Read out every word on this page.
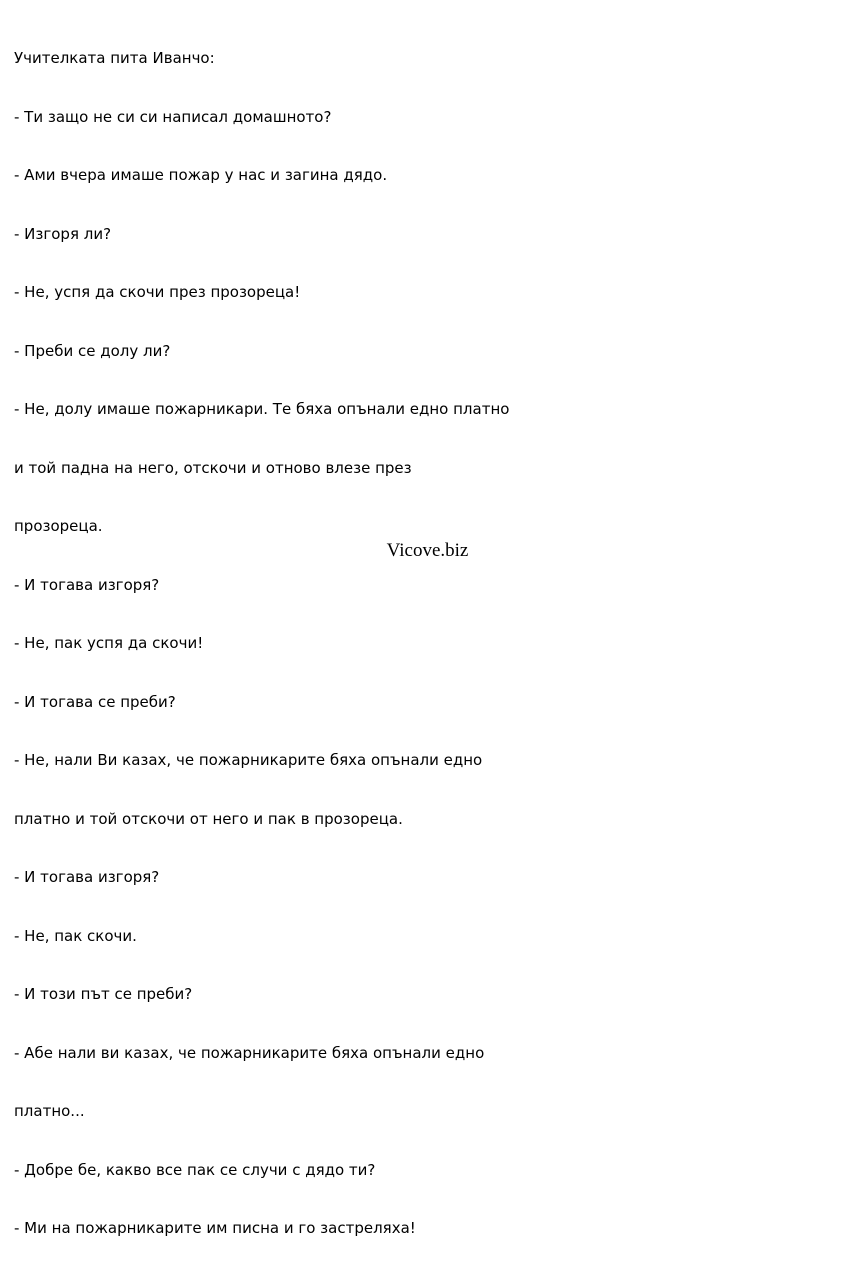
Учителката пита Иванчо:

- Ти защо не си си написал домашното?

- Ами вчера имаше пожар у нас и загина дядо.

- Изгоря ли?

- Не, успя да скочи през прозореца!

- Преби се долу ли?

- Не, долу имаше пожарникари. Те бяха опънали едно платно

и той падна на него, отскочи и отново влезе през

прозореца.

- И тогава изгоря?

- Не, пак успя да скочи!

- И тогава се преби?

- Не, нали Ви казах, че пожарникарите бяха опънали едно

платно и той отскочи от него и пак в прозореца.

- И тогава изгоря?

- Не, пак скочи.

- И този път се преби?

- Абе нали ви казах, че пожарникарите бяха опънали едно

платно...

- Добре бе, какво все пак се случи с дядо ти?

- Ми на пожарникарите им писна и го застреляха!

Vicove.biz
